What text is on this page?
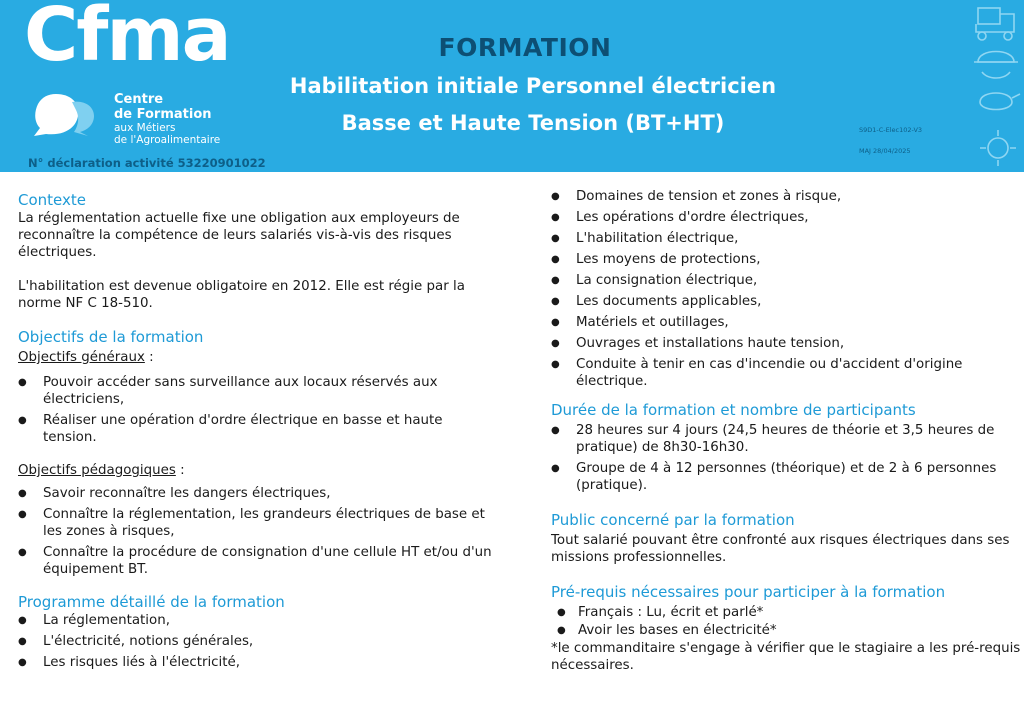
Cfma
Centre
de Formation
aux Métiers
de l'Agroalimentaire
N° déclaration activité 53220901022
FORMATION
Habilitation initiale Personnel électricien
Basse et Haute Tension (BT+HT)	S9D1-C-Elec102-V3
MAJ 28/04/2025
Contexte
La réglementation actuelle fixe une obligation aux employeurs de reconnaître la compétence de leurs salariés vis-à-vis des risques électriques.
L'habilitation est devenue obligatoire en 2012. Elle est régie par la norme NF C 18-510.
Objectifs de la formation
Objectifs généraux :
● Pouvoir accéder sans surveillance aux locaux réservés aux électriciens,
● Réaliser une opération d'ordre électrique en basse et haute tension.
Objectifs pédagogiques :
● Savoir reconnaître les dangers électriques,
● Connaître la réglementation, les grandeurs électriques de base et les zones à risques,
● Connaître la procédure de consignation d'une cellule HT et/ou d'un équipement BT.
Programme détaillé de la formation
● La réglementation,
● L'électricité, notions générales,
● Les risques liés à l'électricité,
● Domaines de tension et zones à risque,
● Les opérations d'ordre électriques,
● L'habilitation électrique,
● Les moyens de protections,
● La consignation électrique,
● Les documents applicables,
● Matériels et outillages,
● Ouvrages et installations haute tension,
● Conduite à tenir en cas d'incendie ou d'accident d'origine électrique.
Durée de la formation et nombre de participants
● 28 heures sur 4 jours (24,5 heures de théorie et 3,5 heures de pratique) de 8h30-16h30.
● Groupe de 4 à 12 personnes (théorique) et de 2 à 6 personnes (pratique).
Public concerné par la formation
Tout salarié pouvant être confronté aux risques électriques dans ses missions professionnelles.
Pré-requis nécessaires pour participer à la formation
● Français : Lu, écrit et parlé*
● Avoir les bases en électricité*
*le commanditaire s'engage à vérifier que le stagiaire a les pré-requis nécessaires.
